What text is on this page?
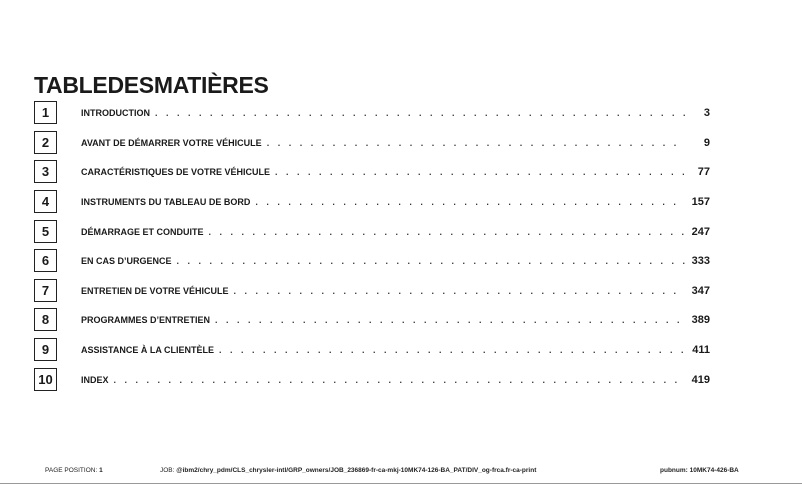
TABLEDESMATIÈRES
1	INTRODUCTION . . .	3
2	AVANT DE DÉMARRER VOTRE VÉHICULE . . .	9
3	CARACTÉRISTIQUES DE VOTRE VÉHICULE . . .	77
4	INSTRUMENTS DU TABLEAU DE BORD . . .	157
5	DÉMARRAGE ET CONDUITE . . .	247
6	EN CAS D’URGENCE . . .	333
7	ENTRETIEN DE VOTRE VÉHICULE . . .	347
8	PROGRAMMES D’ENTRETIEN . . .	389
9	ASSISTANCE À LA CLIENTÈLE . . .	411
10	INDEX . . .	419
PAGE POSITION: 1	JOB: @ibm2/chry_pdm/CLS_chrysler-intl/GRP_owners/JOB_236869-fr-ca-mkj-10MK74-126-BA_PAT/DIV_og-frca.fr-ca-print	pubnum: 10MK74-426-BA
